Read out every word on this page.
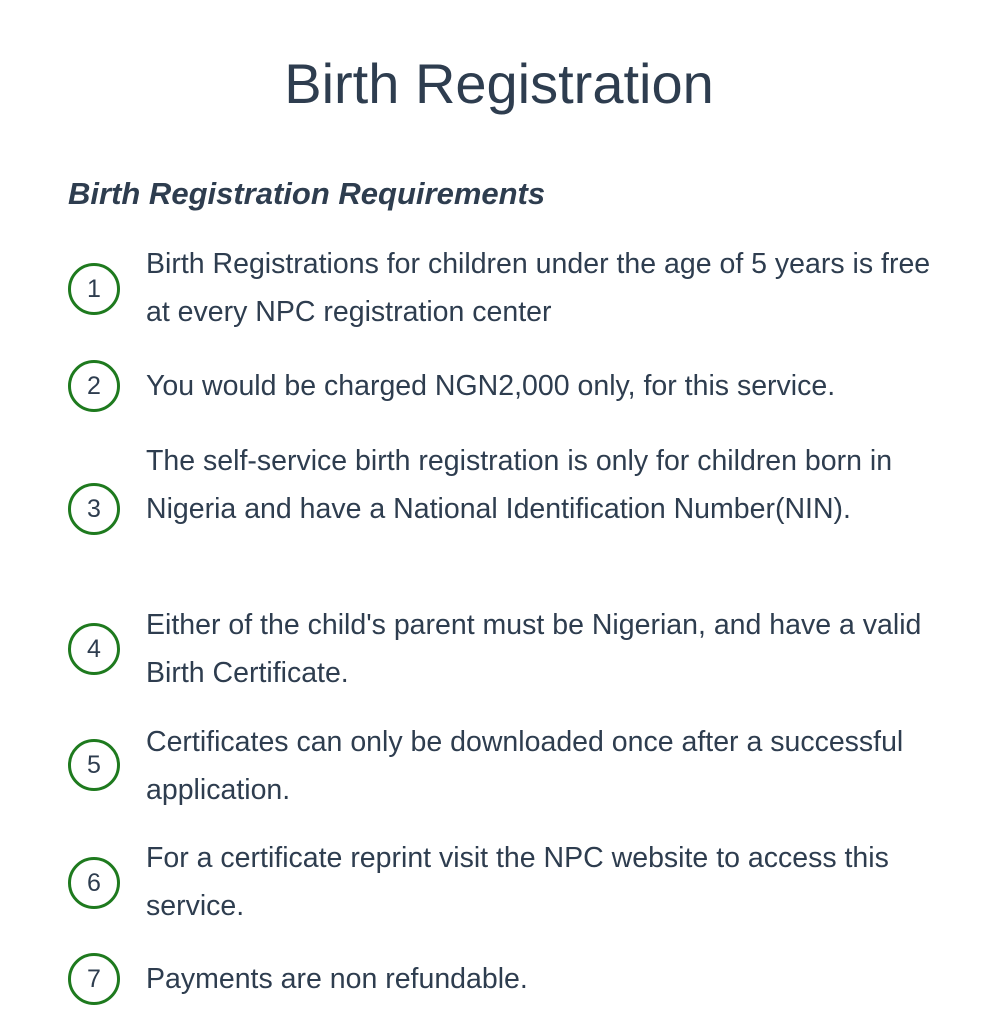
Birth Registration
Birth Registration Requirements
1
Birth Registrations for children under the age of 5 years is free at every NPC registration center
2	You would be charged NGN2,000 only, for this service.
3
The self-service birth registration is only for children born in Nigeria and have a National Identification Number(NIN).
4
Either of the child's parent must be Nigerian, and have a valid Birth Certificate.
5
Certificates can only be downloaded once after a successful application.
6
For a certificate reprint visit the NPC website to access this service.
7	Payments are non refundable.
